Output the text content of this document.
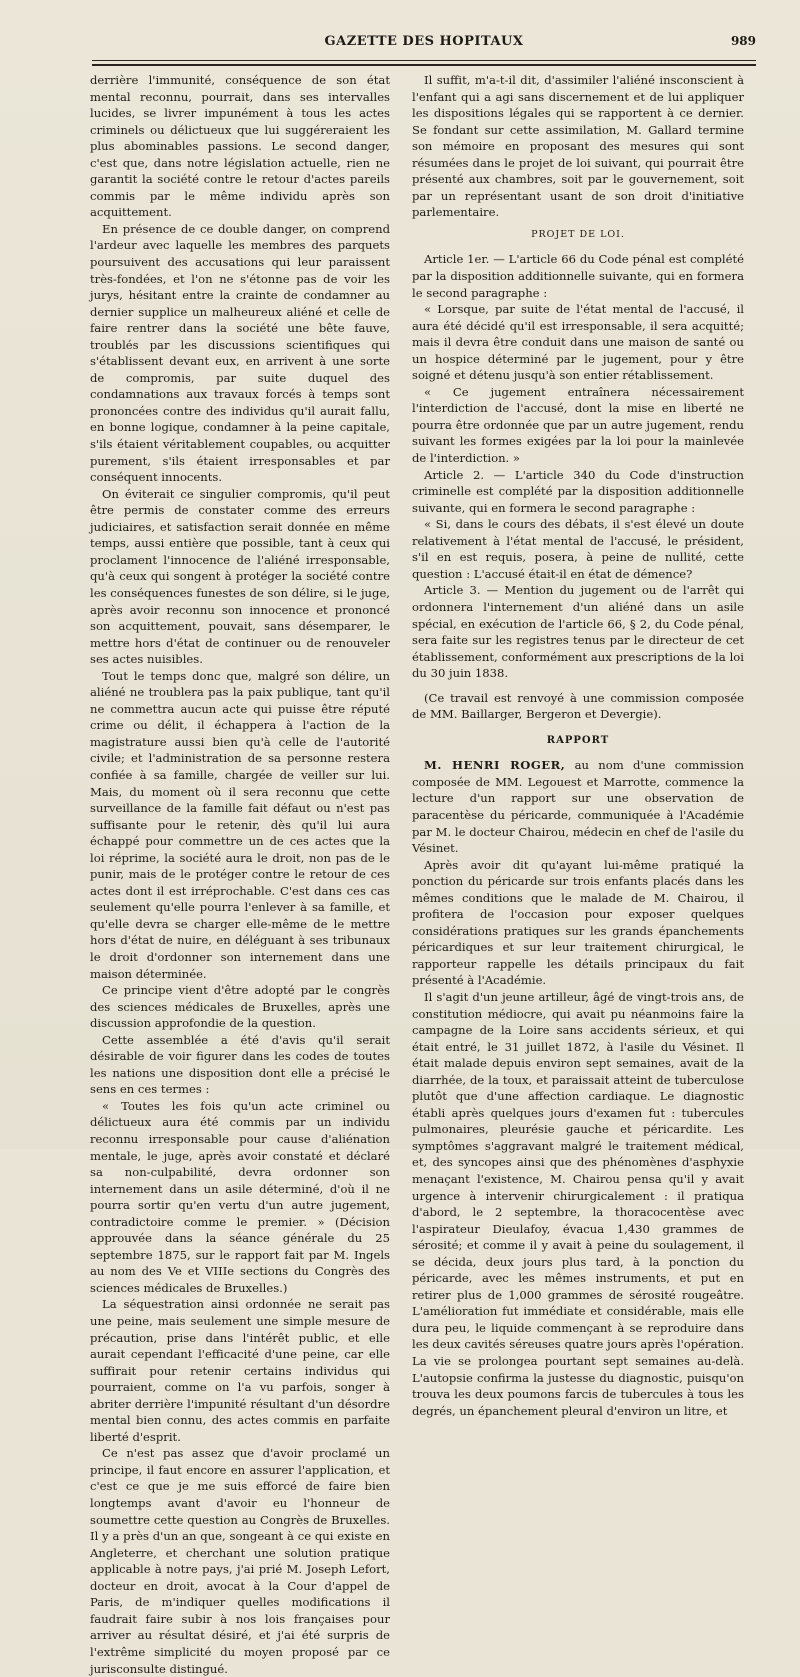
GAZETTE DES HOPITAUX	989

derrière l'immunité, conséquence de son état mental reconnu, pourrait, dans ses intervalles lucides, se livrer impunément à tous les actes criminels ou délictueux que lui suggéreraient les plus abominables passions. Le second danger, c'est que, dans notre législation actuelle, rien ne garantit la société contre le retour d'actes pareils commis par le même individu après son acquittement.

En présence de ce double danger, on comprend l'ardeur avec laquelle les membres des parquets poursuivent des accusations qui leur paraissent très-fondées, et l'on ne s'étonne pas de voir les jurys, hésitant entre la crainte de condamner au dernier supplice un malheureux aliéné et celle de faire rentrer dans la société une bête fauve, troublés par les discussions scientifiques qui s'établissent devant eux, en arrivent à une sorte de compromis, par suite duquel des condamnations aux travaux forcés à temps sont prononcées contre des individus qu'il aurait fallu, en bonne logique, condamner à la peine capitale, s'ils étaient véritablement coupables, ou acquitter purement, s'ils étaient irresponsables et par conséquent innocents.

On éviterait ce singulier compromis, qu'il peut être permis de constater comme des erreurs judiciaires, et satisfaction serait donnée en même temps, aussi entière que possible, tant à ceux qui proclament l'innocence de l'aliéné irresponsable, qu'à ceux qui songent à protéger la société contre les conséquences funestes de son délire, si le juge, après avoir reconnu son innocence et prononcé son acquittement, pouvait, sans désemparer, le mettre hors d'état de continuer ou de renouveler ses actes nuisibles.

Tout le temps donc que, malgré son délire, un aliéné ne troublera pas la paix publique, tant qu'il ne commettra aucun acte qui puisse être réputé crime ou délit, il échappera à l'action de la magistrature aussi bien qu'à celle de l'autorité civile; et l'administration de sa personne restera confiée à sa famille, chargée de veiller sur lui. Mais, du moment où il sera reconnu que cette surveillance de la famille fait défaut ou n'est pas suffisante pour le retenir, dès qu'il lui aura échappé pour commettre un de ces actes que la loi réprime, la société aura le droit, non pas de le punir, mais de le protéger contre le retour de ces actes dont il est irréprochable. C'est dans ces cas seulement qu'elle pourra l'enlever à sa famille, et qu'elle devra se charger elle-même de le mettre hors d'état de nuire, en déléguant à ses tribunaux le droit d'ordonner son internement dans une maison déterminée.

Ce principe vient d'être adopté par le congrès des sciences médicales de Bruxelles, après une discussion approfondie de la question.

Cette assemblée a été d'avis qu'il serait désirable de voir figurer dans les codes de toutes les nations une disposition dont elle a précisé le sens en ces termes :

« Toutes les fois qu'un acte criminel ou délictueux aura été commis par un individu reconnu irresponsable pour cause d'aliénation mentale, le juge, après avoir constaté et déclaré sa non-culpabilité, devra ordonner son internement dans un asile déterminé, d'où il ne pourra sortir qu'en vertu d'un autre jugement, contradictoire comme le premier. » (Décision approuvée dans la séance générale du 25 septembre 1875, sur le rapport fait par M. Ingels au nom des Ve et VIIIe sections du Congrès des sciences médicales de Bruxelles.)

La séquestration ainsi ordonnée ne serait pas une peine, mais seulement une simple mesure de précaution, prise dans l'intérêt public, et elle aurait cependant l'efficacité d'une peine, car elle suffirait pour retenir certains individus qui pourraient, comme on l'a vu parfois, songer à abriter derrière l'impunité résultant d'un désordre mental bien connu, des actes commis en parfaite liberté d'esprit.

Ce n'est pas assez que d'avoir proclamé un principe, il faut encore en assurer l'application, et c'est ce que je me suis efforcé de faire bien longtemps avant d'avoir eu l'honneur de soumettre cette question au Congrès de Bruxelles. Il y a près d'un an que, songeant à ce qui existe en Angleterre, et cherchant une solution pratique applicable à notre pays, j'ai prié M. Joseph Lefort, docteur en droit, avocat à la Cour d'appel de Paris, de m'indiquer quelles modifications il faudrait faire subir à nos lois françaises pour arriver au résultat désiré, et j'ai été surpris de l'extrême simplicité du moyen proposé par ce jurisconsulte distingué.

Il suffit, m'a-t-il dit, d'assimiler l'aliéné insconscient à l'enfant qui a agi sans discernement et de lui appliquer les dispositions légales qui se rapportent à ce dernier. Se fondant sur cette assimilation, M. Gallard termine son mémoire en proposant des mesures qui sont résumées dans le projet de loi suivant, qui pourrait être présenté aux chambres, soit par le gouvernement, soit par un représentant usant de son droit d'initiative parlementaire.

PROJET DE LOI.

Article 1er. — L'article 66 du Code pénal est complété par la disposition additionnelle suivante, qui en formera le second paragraphe :

« Lorsque, par suite de l'état mental de l'accusé, il aura été décidé qu'il est irresponsable, il sera acquitté; mais il devra être conduit dans une maison de santé ou un hospice déterminé par le jugement, pour y être soigné et détenu jusqu'à son entier rétablissement.

« Ce jugement entraînera nécessairement l'interdiction de l'accusé, dont la mise en liberté ne pourra être ordonnée que par un autre jugement, rendu suivant les formes exigées par la loi pour la mainlevée de l'interdiction. »

Article 2. — L'article 340 du Code d'instruction criminelle est complété par la disposition additionnelle suivante, qui en formera le second paragraphe :

« Si, dans le cours des débats, il s'est élevé un doute relativement à l'état mental de l'accusé, le président, s'il en est requis, posera, à peine de nullité, cette question : L'accusé était-il en état de démence?

Article 3. — Mention du jugement ou de l'arrêt qui ordonnera l'internement d'un aliéné dans un asile spécial, en exécution de l'article 66, § 2, du Code pénal, sera faite sur les registres tenus par le directeur de cet établissement, conformément aux prescriptions de la loi du 30 juin 1838.

(Ce travail est renvoyé à une commission composée de MM. Baillarger, Bergeron et Devergie).

RAPPORT

M. HENRI ROGER, au nom d'une commission composée de MM. Legouest et Marrotte, commence la lecture d'un rapport sur une observation de paracentèse du péricarde, communiquée à l'Académie par M. le docteur Chairou, médecin en chef de l'asile du Vésinet.

Après avoir dit qu'ayant lui-même pratiqué la ponction du péricarde sur trois enfants placés dans les mêmes conditions que le malade de M. Chairou, il profitera de l'occasion pour exposer quelques considérations pratiques sur les grands épanchements péricardiques et sur leur traitement chirurgical, le rapporteur rappelle les détails principaux du fait présenté à l'Académie.

Il s'agit d'un jeune artilleur, âgé de vingt-trois ans, de constitution médiocre, qui avait pu néanmoins faire la campagne de la Loire sans accidents sérieux, et qui était entré, le 31 juillet 1872, à l'asile du Vésinet. Il était malade depuis environ sept semaines, avait de la diarrhée, de la toux, et paraissait atteint de tuberculose plutôt que d'une affection cardiaque. Le diagnostic établi après quelques jours d'examen fut : tubercules pulmonaires, pleurésie gauche et péricardite. Les symptômes s'aggravant malgré le traitement médical, et, des syncopes ainsi que des phénomènes d'asphyxie menaçant l'existence, M. Chairou pensa qu'il y avait urgence à intervenir chirurgicalement : il pratiqua d'abord, le 2 septembre, la thoracocentèse avec l'aspirateur Dieulafoy, évacua 1,430 grammes de sérosité; et comme il y avait à peine du soulagement, il se décida, deux jours plus tard, à la ponction du péricarde, avec les mêmes instruments, et put en retirer plus de 1,000 grammes de sérosité rougeâtre. L'amélioration fut immédiate et considérable, mais elle dura peu, le liquide commençant à se reproduire dans les deux cavités séreuses quatre jours après l'opération. La vie se prolongea pourtant sept semaines au-delà. L'autopsie confirma la justesse du diagnostic, puisqu'on trouva les deux poumons farcis de tubercules à tous les degrés, un épanchement pleural d'environ un litre, et
